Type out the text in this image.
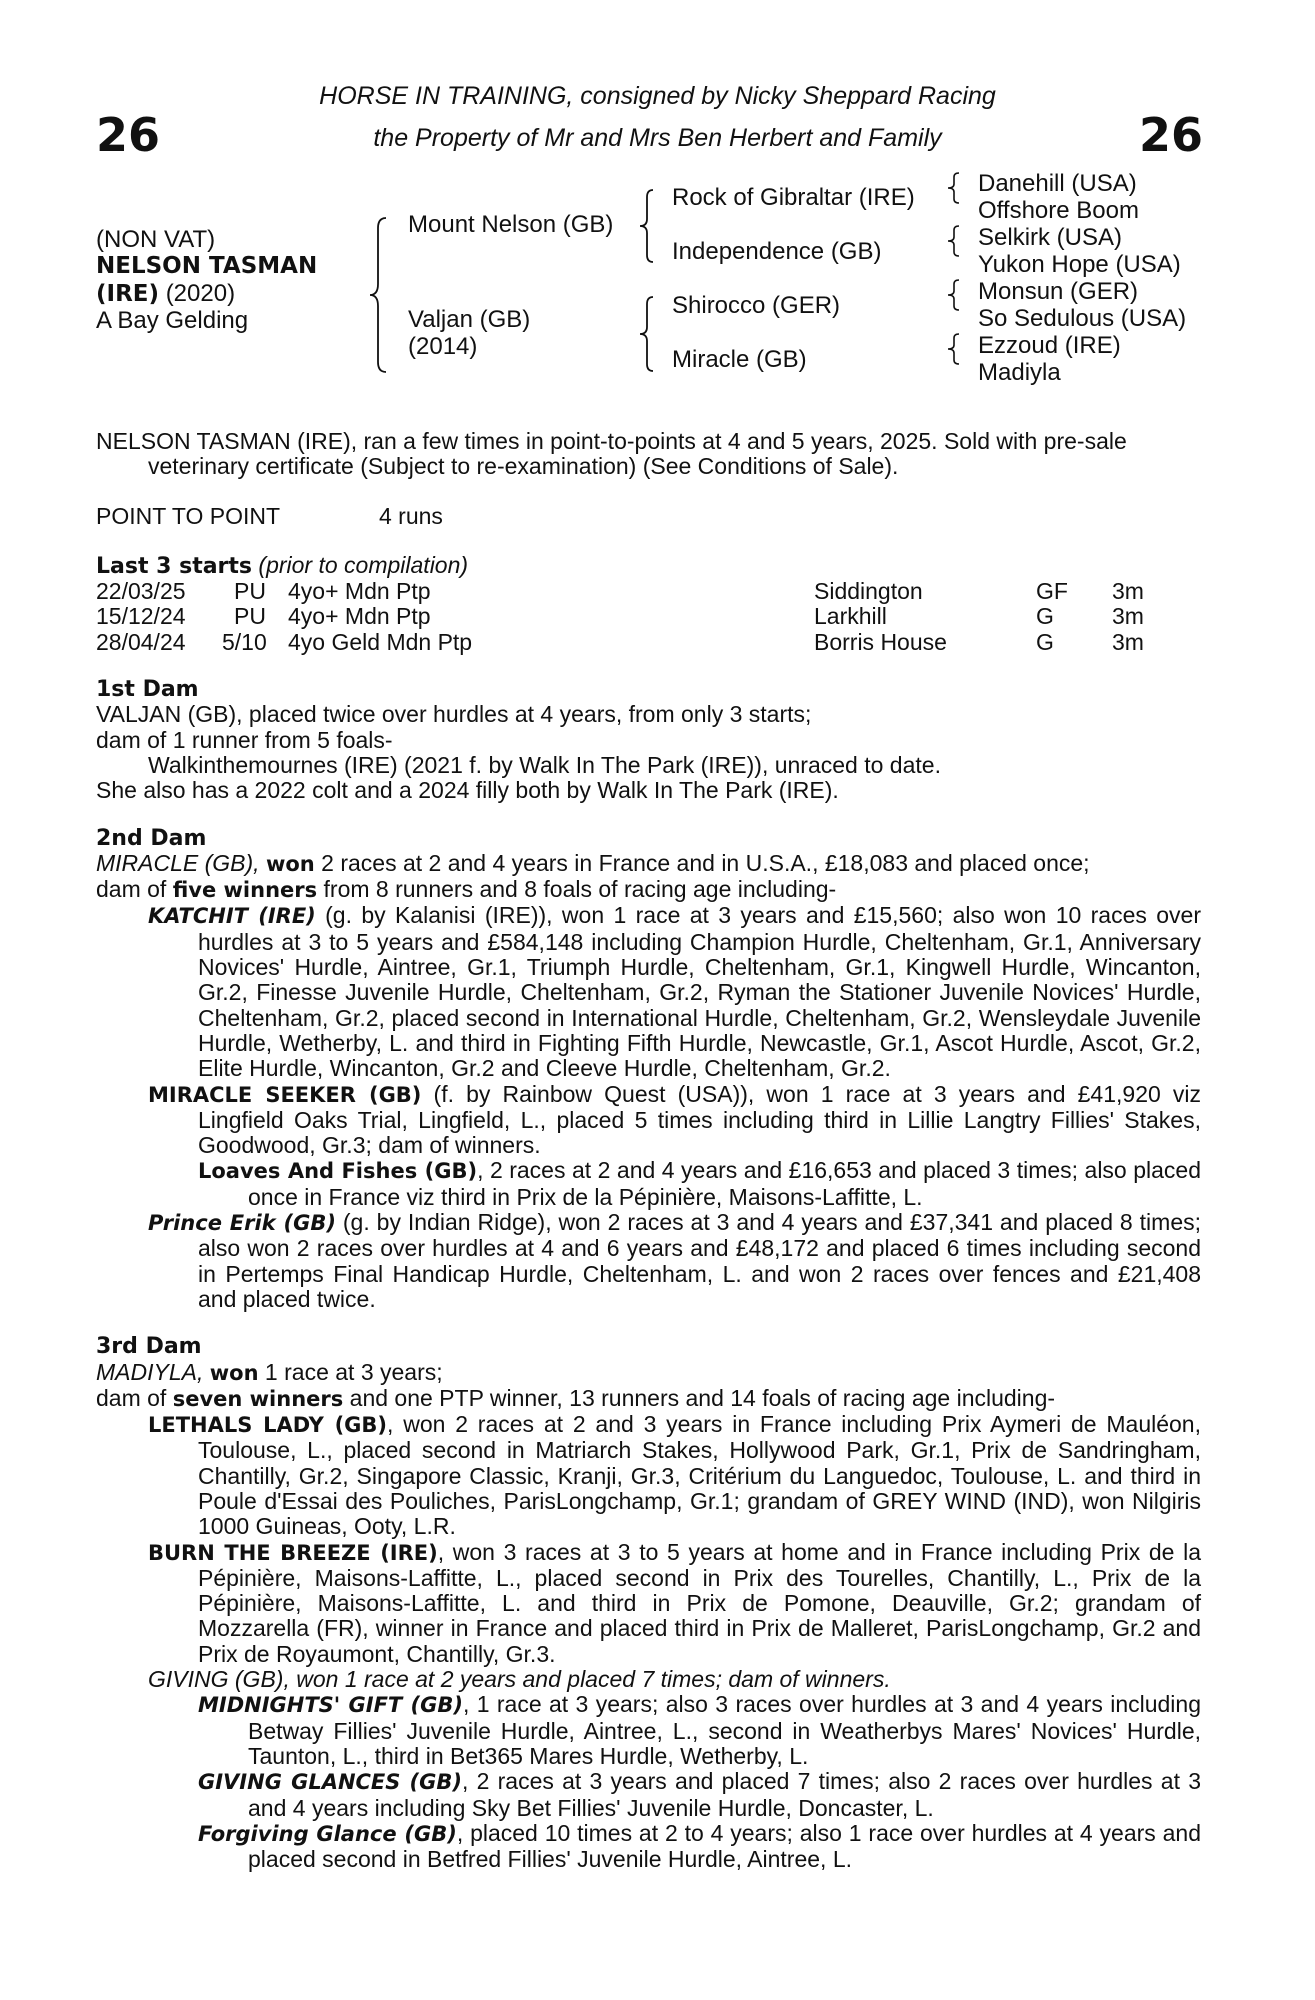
26	26
HORSE IN TRAINING, consigned by Nicky Sheppard Racing
the Property of Mr and Mrs Ben Herbert and Family
(NON VAT)
NELSON TASMAN
(IRE) (2020)
A Bay Gelding
Mount Nelson (GB)
Valjan (GB)
(2014)
Rock of Gibraltar (IRE)
Independence (GB)
Shirocco (GER)
Miracle (GB)
Danehill (USA)
Offshore Boom
Selkirk (USA)
Yukon Hope (USA)
Monsun (GER)
So Sedulous (USA)
Ezzoud (IRE)
Madiyla

NELSON TASMAN (IRE), ran a few times in point-to-points at 4 and 5 years, 2025. Sold with pre-sale veterinary certificate (Subject to re-examination) (See Conditions of Sale).

POINT TO POINT	4 runs

Last 3 starts (prior to compilation)

22/03/25	PU 4yo+ Mdn Ptp	Siddington	GF	3m
15/12/24	PU 4yo+ Mdn Ptp	Larkhill	G	3m
28/04/24	5/10 4yo Geld Mdn Ptp	Borris House	G	3m

1st Dam

VALJAN (GB), placed twice over hurdles at 4 years, from only 3 starts;

dam of 1 runner from 5 foals-

Walkinthemournes (IRE) (2021 f. by Walk In The Park (IRE)), unraced to date.

She also has a 2022 colt and a 2024 filly both by Walk In The Park (IRE).

2nd Dam

MIRACLE (GB), won 2 races at 2 and 4 years in France and in U.S.A., £18,083 and placed once;

dam of five winners from 8 runners and 8 foals of racing age including-

KATCHIT (IRE) (g. by Kalanisi (IRE)), won 1 race at 3 years and £15,560; also won 10 races over hurdles at 3 to 5 years and £584,148 including Champion Hurdle, Cheltenham, Gr.1, Anniversary Novices' Hurdle, Aintree, Gr.1, Triumph Hurdle, Cheltenham, Gr.1, Kingwell Hurdle, Wincanton, Gr.2, Finesse Juvenile Hurdle, Cheltenham, Gr.2, Ryman the Stationer Juvenile Novices' Hurdle, Cheltenham, Gr.2, placed second in International Hurdle, Cheltenham, Gr.2, Wensleydale Juvenile Hurdle, Wetherby, L. and third in Fighting Fifth Hurdle, Newcastle, Gr.1, Ascot Hurdle, Ascot, Gr.2, Elite Hurdle, Wincanton, Gr.2 and Cleeve Hurdle, Cheltenham, Gr.2.

MIRACLE SEEKER (GB) (f. by Rainbow Quest (USA)), won 1 race at 3 years and £41,920 viz Lingfield Oaks Trial, Lingfield, L., placed 5 times including third in Lillie Langtry Fillies' Stakes, Goodwood, Gr.3; dam of winners.

Loaves And Fishes (GB), 2 races at 2 and 4 years and £16,653 and placed 3 times; also placed once in France viz third in Prix de la Pépinière, Maisons-Laffitte, L.

Prince Erik (GB) (g. by Indian Ridge), won 2 races at 3 and 4 years and £37,341 and placed 8 times; also won 2 races over hurdles at 4 and 6 years and £48,172 and placed 6 times including second in Pertemps Final Handicap Hurdle, Cheltenham, L. and won 2 races over fences and £21,408 and placed twice.

3rd Dam

MADIYLA, won 1 race at 3 years;

dam of seven winners and one PTP winner, 13 runners and 14 foals of racing age including-

LETHALS LADY (GB), won 2 races at 2 and 3 years in France including Prix Aymeri de Mauléon, Toulouse, L., placed second in Matriarch Stakes, Hollywood Park, Gr.1, Prix de Sandringham, Chantilly, Gr.2, Singapore Classic, Kranji, Gr.3, Critérium du Languedoc, Toulouse, L. and third in Poule d'Essai des Pouliches, ParisLongchamp, Gr.1; grandam of GREY WIND (IND), won Nilgiris 1000 Guineas, Ooty, L.R.

BURN THE BREEZE (IRE), won 3 races at 3 to 5 years at home and in France including Prix de la Pépinière, Maisons-Laffitte, L., placed second in Prix des Tourelles, Chantilly, L., Prix de la Pépinière, Maisons-Laffitte, L. and third in Prix de Pomone, Deauville, Gr.2; grandam of Mozzarella (FR), winner in France and placed third in Prix de Malleret, ParisLongchamp, Gr.2 and Prix de Royaumont, Chantilly, Gr.3.

GIVING (GB), won 1 race at 2 years and placed 7 times; dam of winners.

MIDNIGHTS' GIFT (GB), 1 race at 3 years; also 3 races over hurdles at 3 and 4 years including Betway Fillies' Juvenile Hurdle, Aintree, L., second in Weatherbys Mares' Novices' Hurdle, Taunton, L., third in Bet365 Mares Hurdle, Wetherby, L.

GIVING GLANCES (GB), 2 races at 3 years and placed 7 times; also 2 races over hurdles at 3 and 4 years including Sky Bet Fillies' Juvenile Hurdle, Doncaster, L.

Forgiving Glance (GB), placed 10 times at 2 to 4 years; also 1 race over hurdles at 4 years and placed second in Betfred Fillies' Juvenile Hurdle, Aintree, L.
